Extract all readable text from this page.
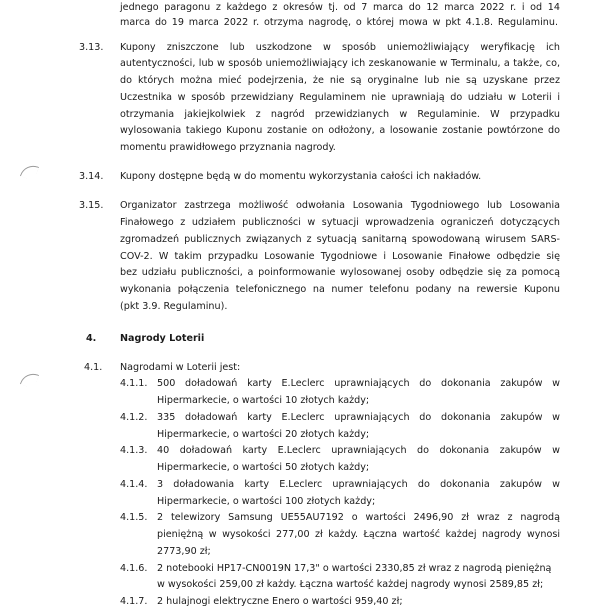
jednego paragonu z każdego z okresów tj. od 7 marca do 12 marca 2022 r. i od 14
marca do 19 marca 2022 r. otrzyma nagrodę, o której mowa w pkt 4.1.8. Regulaminu.
3.13. Kupony zniszczone lub uszkodzone w sposób uniemożliwiający weryfikację ich
autentyczności, lub w sposób uniemożliwiający ich zeskanowanie w Terminalu, a także, co,
do których można mieć podejrzenia, że nie są oryginalne lub nie są uzyskane przez
Uczestnika w sposób przewidziany Regulaminem nie uprawniają do udziału w Loterii i
otrzymania jakiejkolwiek z nagród przewidzianych w Regulaminie. W przypadku
wylosowania takiego Kuponu zostanie on odłożony, a losowanie zostanie powtórzone do
momentu prawidłowego przyznania nagrody.
3.14. Kupony dostępne będą w do momentu wykorzystania całości ich nakładów.
3.15. Organizator zastrzega możliwość odwołania Losowania Tygodniowego lub Losowania
Finałowego z udziałem publiczności w sytuacji wprowadzenia ograniczeń dotyczących
zgromadzeń publicznych związanych z sytuacją sanitarną spowodowaną wirusem SARS-
COV-2. W takim przypadku Losowanie Tygodniowe i Losowanie Finałowe odbędzie się
bez udziału publiczności, a poinformowanie wylosowanej osoby odbędzie się za pomocą
wykonania połączenia telefonicznego na numer telefonu podany na rewersie Kuponu
(pkt 3.9. Regulaminu).
4. Nagrody Loterii
4.1. Nagrodami w Loterii jest:
4.1.1. 500 doładowań karty E.Leclerc uprawniających do dokonania zakupów w
Hipermarkecie, o wartości 10 złotych każdy;
4.1.2. 335 doładowań karty E.Leclerc uprawniających do dokonania zakupów w
Hipermarkecie, o wartości 20 złotych każdy;
4.1.3. 40 doładowań karty E.Leclerc uprawniających do dokonania zakupów w
Hipermarkecie, o wartości 50 złotych każdy;
4.1.4. 3 doładowania karty E.Leclerc uprawniających do dokonania zakupów w
Hipermarkecie, o wartości 100 złotych każdy;
4.1.5. 2 telewizory Samsung UE55AU7192 o wartości 2496,90 zł wraz z nagrodą
pieniężną w wysokości 277,00 zł każdy. Łączna wartość każdej nagrody wynosi
2773,90 zł;
4.1.6. 2 notebooki HP17-CN0019N 17,3" o wartości 2330,85 zł wraz z nagrodą pieniężną
w wysokości 259,00 zł każdy. Łączna wartość każdej nagrody wynosi 2589,85 zł;
4.1.7. 2 hulajnogi elektryczne Enero o wartości 959,40 zł;
